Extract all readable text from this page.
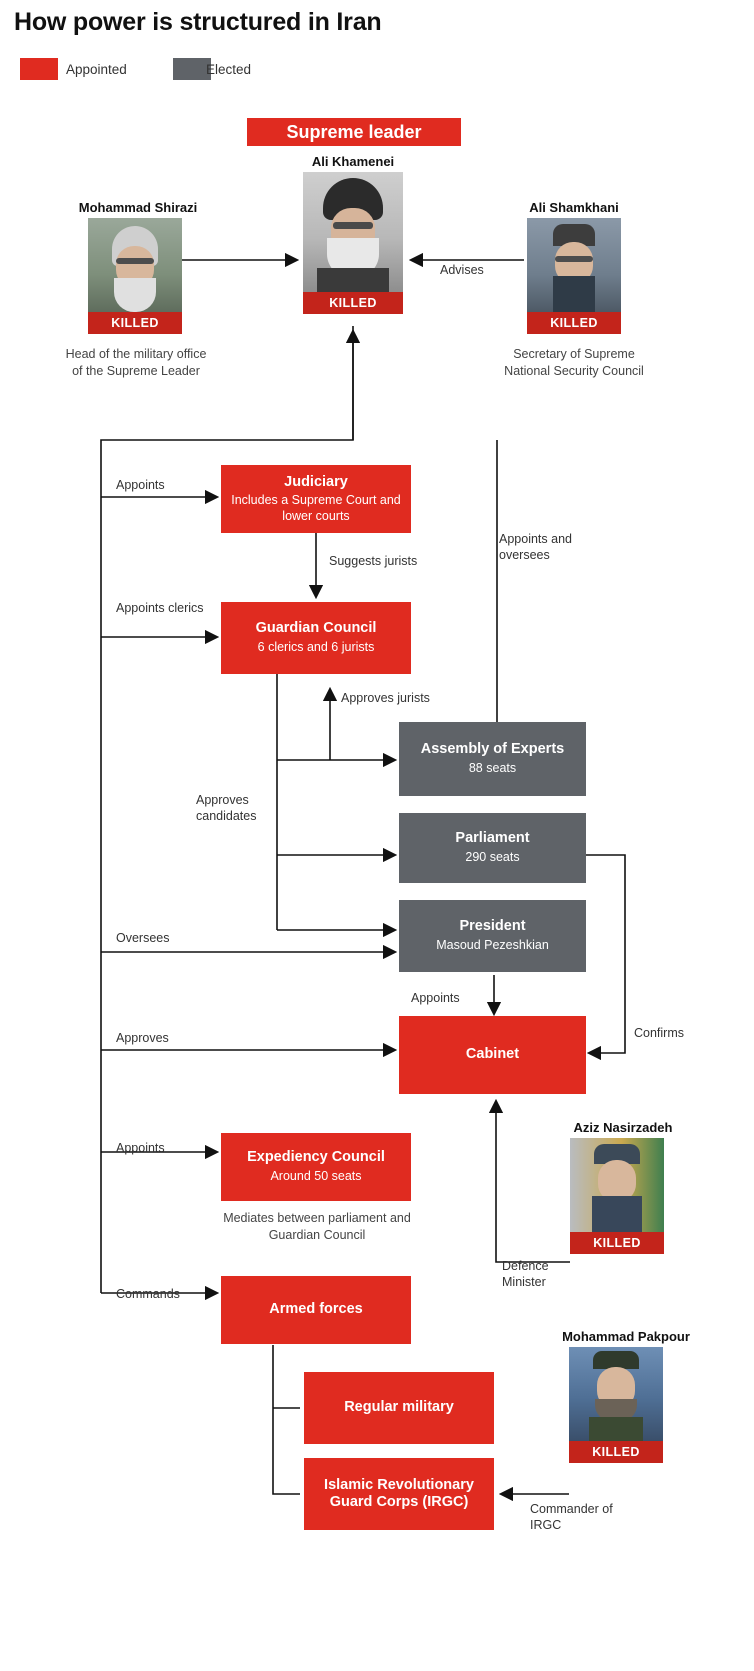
How power is structured in Iran
Appointed	Elected
Supreme leader
Ali Khamenei
KILLED
Mohammad Shirazi
KILLED
Head of the military office of the Supreme Leader
Ali Shamkhani
KILLED
Secretary of Supreme National Security Council
Advises
Judiciary
Includes a Supreme Court and lower courts
Appoints
Suggests jurists
Guardian Council
6 clerics and 6 jurists
Appoints clerics
Approves jurists
Assembly of Experts
88 seats
Appoints and oversees
Approves candidates
Parliament
290 seats
President
Masoud Pezeshkian
Oversees
Appoints
Cabinet
Approves	Confirms
Expediency Council
Around 50 seats
Appoints
Mediates between parliament and Guardian Council
Armed forces
Commands
Regular military
Islamic Revolutionary Guard Corps (IRGC)
Aziz Nasirzadeh
KILLED
Defence Minister
Mohammad Pakpour
KILLED
Commander of IRGC
